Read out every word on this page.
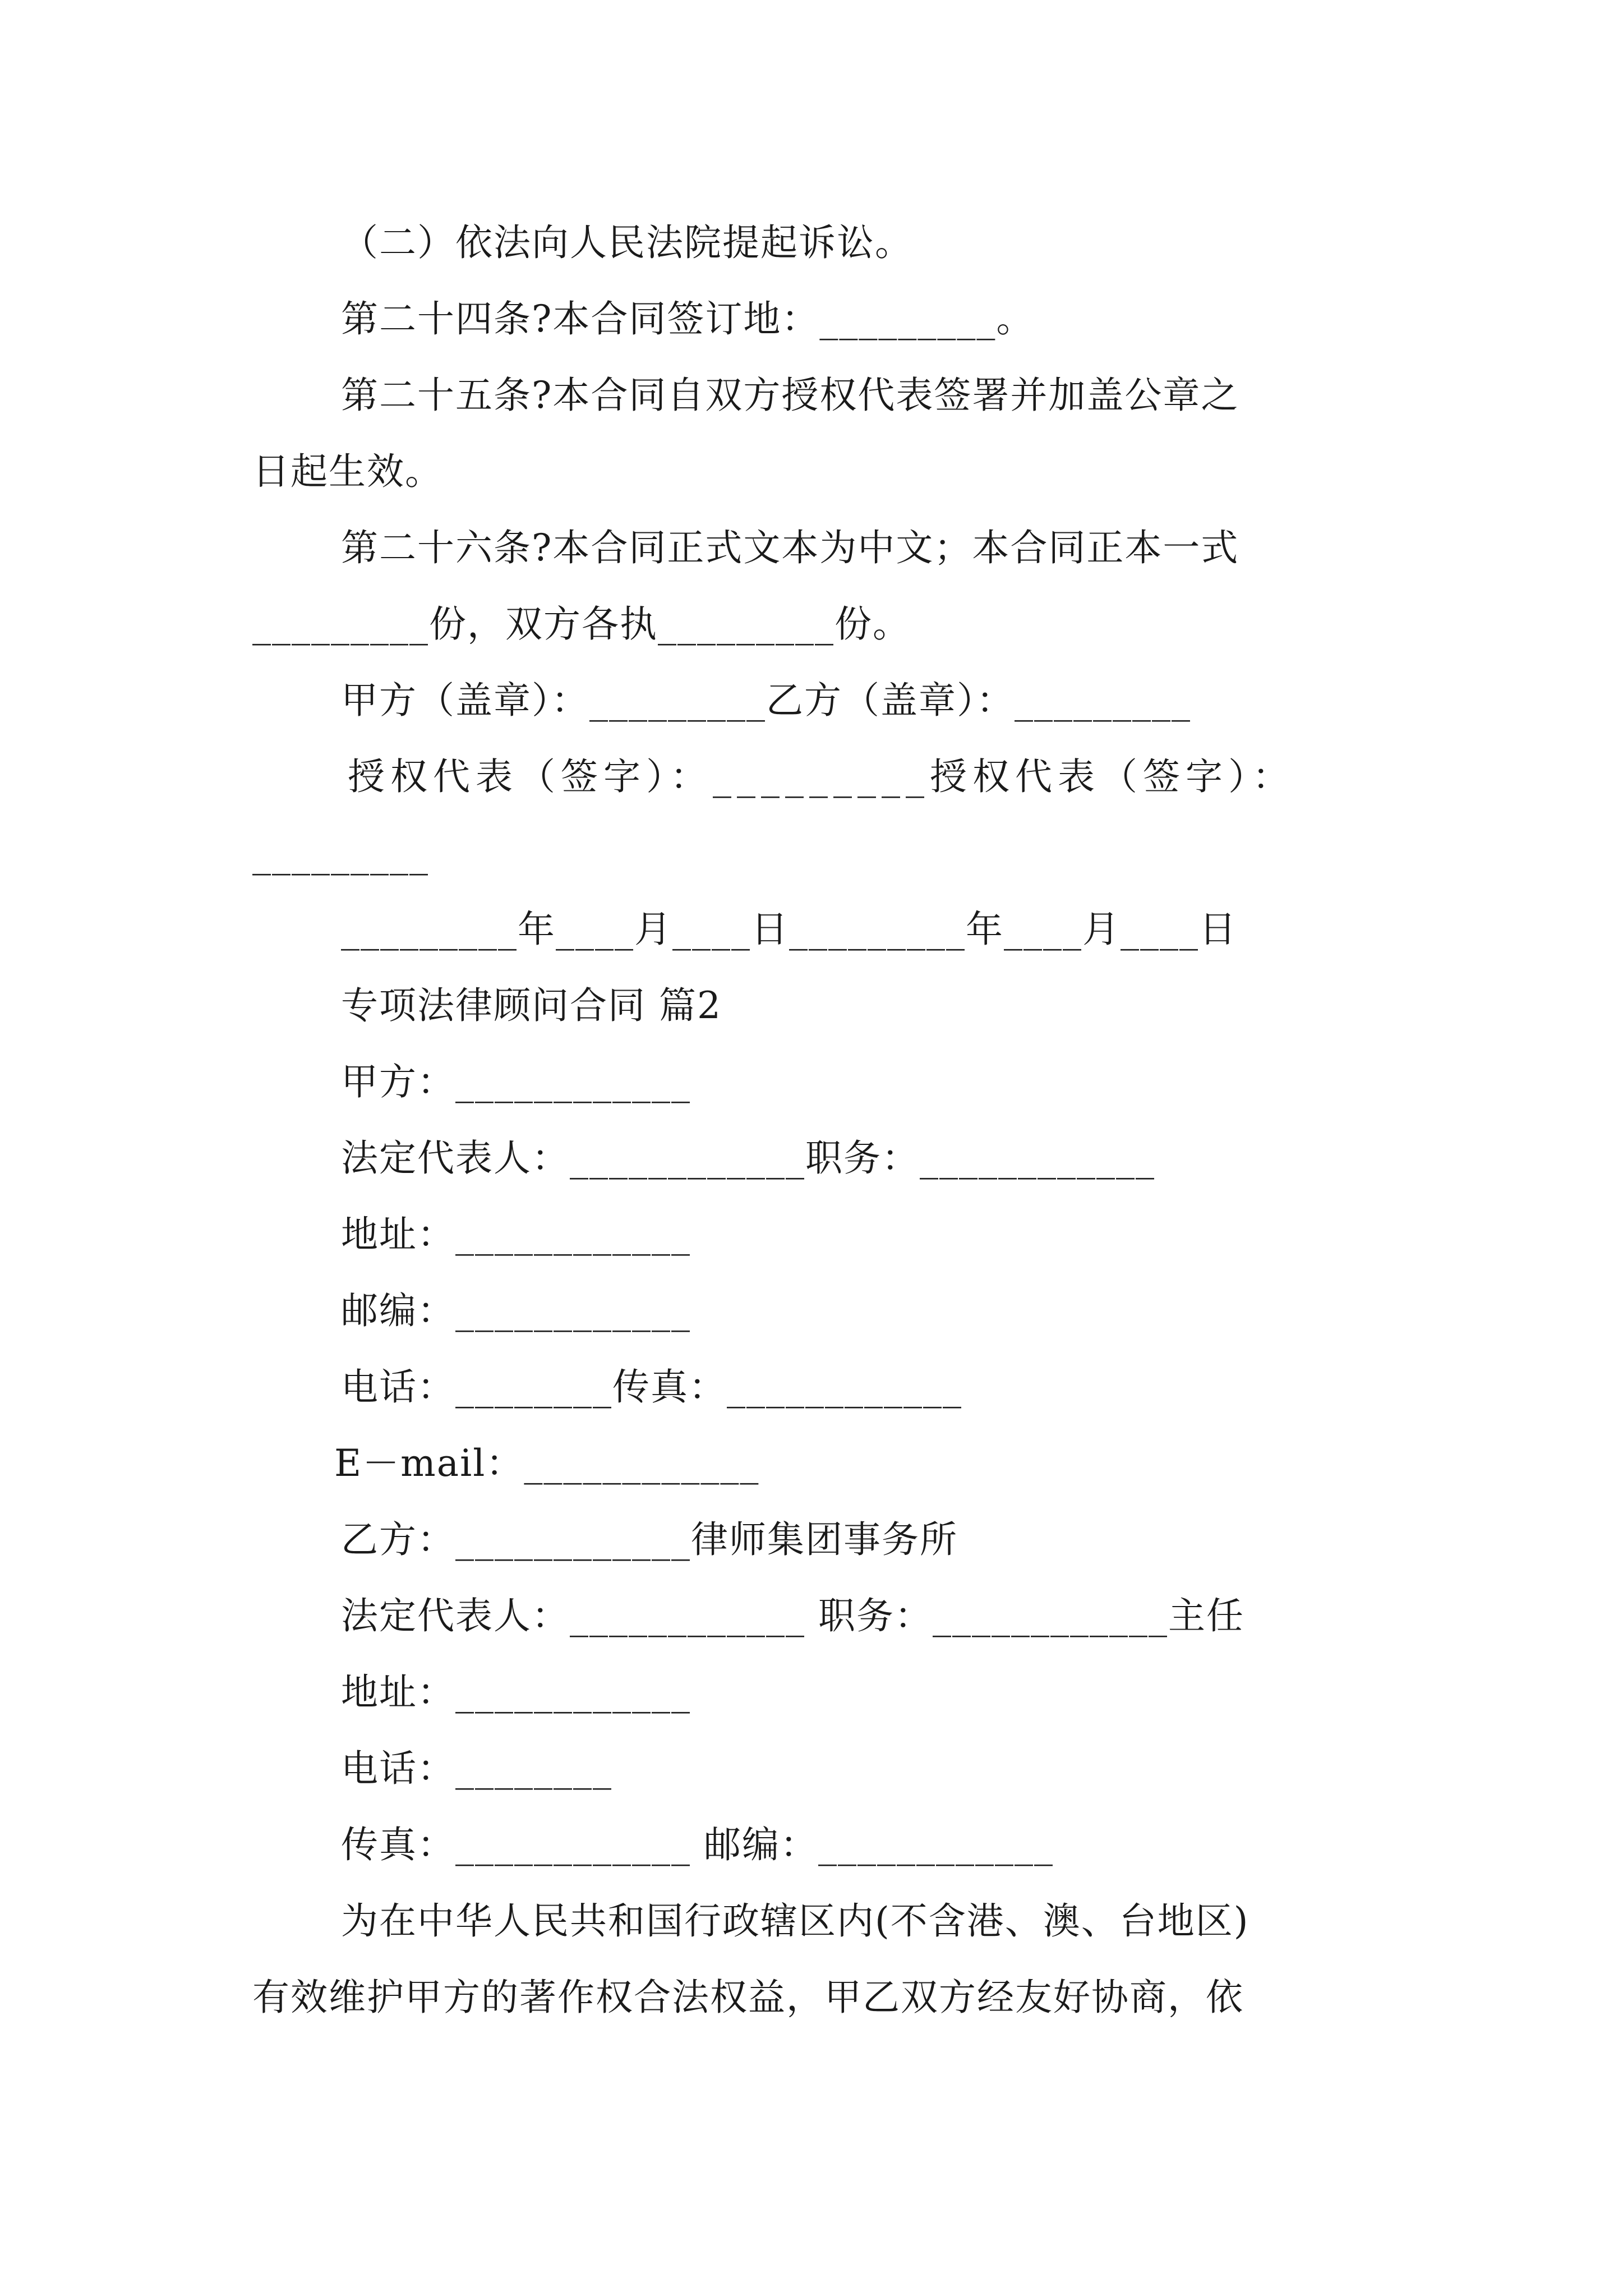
（二）依法向人民法院提起诉讼。
第二十四条?本合同签订地：_________。
第二十五条?本合同自双方授权代表签署并加盖公章之
日起生效。
第二十六条?本合同正式文本为中文；本合同正本一式
_________份，双方各执_________份。
甲方（盖章）：_________乙方（盖章）：_________
授权代表（签字）：_________授权代表（签字）：
_________
_________年____月____日_________年____月____日
专项法律顾问合同 篇2
甲方：____________
法定代表人：____________职务：____________
地址：____________
邮编：____________
电话：________传真：____________
E－mail：____________
乙方：____________律师集团事务所
法定代表人：____________ 职务：____________主任
地址：____________
电话：________
传真：____________ 邮编：____________
为在中华人民共和国行政辖区内(不含港、澳、台地区)
有效维护甲方的著作权合法权益，甲乙双方经友好协商，依
